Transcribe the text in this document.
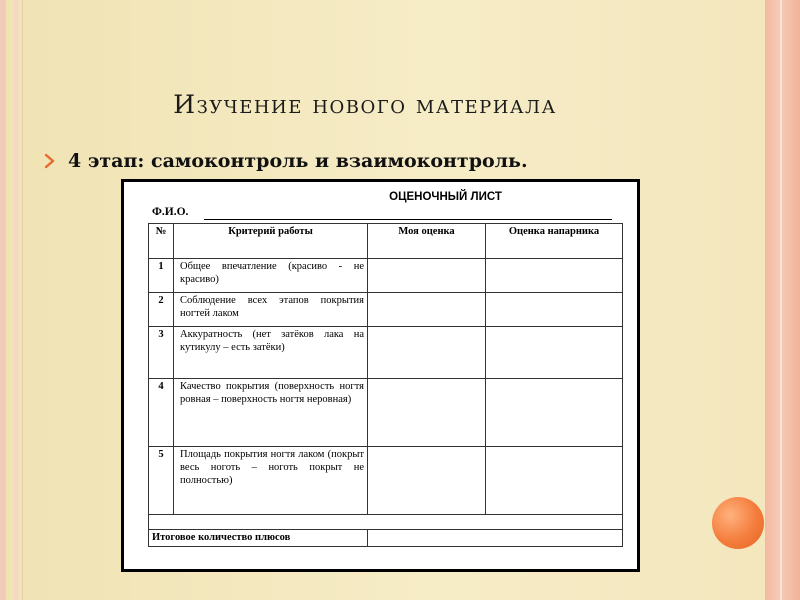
Изучение нового материала
4 этап: самоконтроль и взаимоконтроль.
ОЦЕНОЧНЫЙ ЛИСТ
Ф.И.О.
№	Критерий работы	Моя оценка	Оценка напарника
1	Общее впечатление (красиво - не красиво)		
2	Соблюдение всех этапов покрытия ногтей лаком		
3	Аккуратность (нет затёков лака на кутикулу – есть затёки)		
4	Качество покрытия (поверхность ногтя ровная – поверхность ногтя неровная)		
5	Площадь покрытия ногтя лаком (покрыт весь ноготь – ноготь покрыт не полностью)		

Итоговое количество плюсов			
